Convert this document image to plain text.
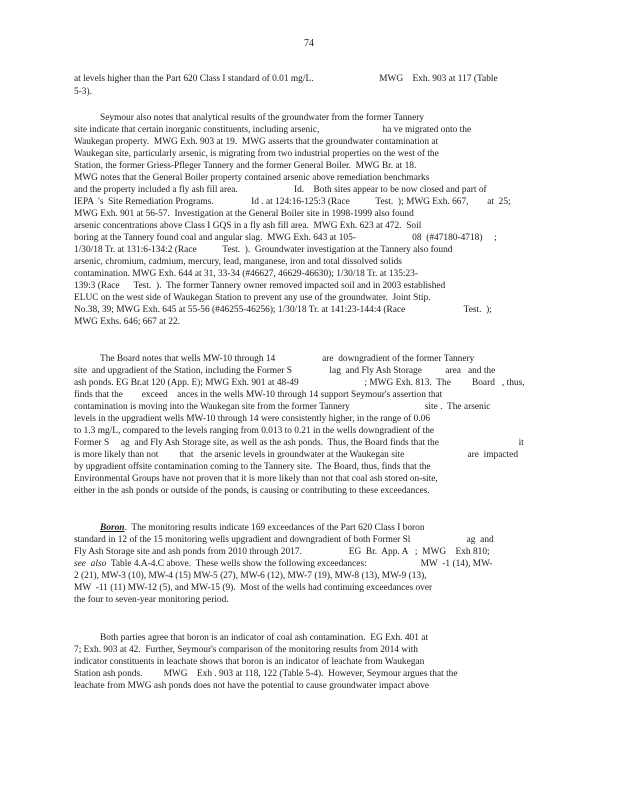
74
at levels higher than the Part 620 Class I standard of 0.01 mg/L.                            MWG    Exh. 903 at 117 (Table
5-3).
Seymour also notes that analytical results of the groundwater from the former Tannery
site indicate that certain inorganic constituents, including arsenic,                           ha ve migrated onto the
Waukegan property.  MWG Exh. 903 at 19.  MWG asserts that the groundwater contamination at
Waukegan site, particularly arsenic, is migrating from two industrial properties on the west of the
Station, the former Griess-Pfleger Tannery and the former General Boiler.  MWG Br. at 18.
MWG notes that the General Boiler property contained arsenic above remediation benchmarks
and the property included a fly ash fill area.                        Id.    Both sites appear to be now closed and part of
IEPA  's  Site Remediation Programs.                Id . at 124:16-125:3 (Race           Test.  ); MWG Exh. 667,        at  25;
MWG Exh. 901 at 56-57.  Investigation at the General Boiler site in 1998-1999 also found
arsenic concentrations above Class I GQS in a fly ash fill area.  MWG Exh. 623 at 472.  Soil
boring at the Tannery found coal and angular slag.  MWG Exh. 643 at 105-                        08  (#47180-4718)     ;
1/30/18 Tr. at 131:6-134:2 (Race           Test.  ).  Groundwater investigation at the Tannery also found
arsenic, chromium, cadmium, mercury, lead, manganese, iron and total dissolved solids
contamination. MWG Exh. 644 at 31, 33-34 (#46627, 46629-46630); 1/30/18 Tr. at 135:23-
139:3 (Race      Test.  ).  The former Tannery owner removed impacted soil and in 2003 established
ELUC on the west side of Waukegan Station to prevent any use of the groundwater.  Joint Stip.
No.38, 39; MWG Exh. 645 at 55-56 (#46255-46256); 1/30/18 Tr. at 141:23-144:4 (Race                         Test.  );
MWG Exhs. 646; 667 at 22.
The Board notes that wells MW-10 through 14                    are  downgradient of the former Tannery
site  and upgradient of the Station, including the Former S                lag  and Fly Ash Storage          area   and the
ash ponds. EG Br.at 120 (App. E); MWG Exh. 901 at 48-49                            ; MWG Exh. 813.  The         Board   , thus,
finds that the        exceed    ances in the wells MW-10 through 14 support Seymour's assertion that
contamination is moving into the Waukegan site from the former Tannery                                site .  The arsenic
levels in the upgradient wells MW-10 through 14 were consistently higher, in the range of 0.06
to 1.3 mg/L, compared to the levels ranging from 0.013 to 0.21 in the wells downgradient of the
Former S     ag  and Fly Ash Storage site, as well as the ash ponds.  Thus, the Board finds that the                                  it
is more likely than not         that   the arsenic levels in groundwater at the Waukegan site                           are  impacted
by upgradient offsite contamination coming to the Tannery site.  The Board, thus, finds that the
Environmental Groups have not proven that it is more likely than not that coal ash stored on-site,
either in the ash ponds or outside of the ponds, is causing or contributing to these exceedances.
Boron.  The monitoring results indicate 169 exceedances of the Part 620 Class I boron
standard in 12 of the 15 monitoring wells upgradient and downgradient of both Former Sl                        ag  and
Fly Ash Storage site and ash ponds from 2010 through 2017.                    EG  Br.  App. A   ;  MWG    Exh 810;
see  also Table 4.A-4.C above.  These wells show the following exceedances:                       MW  -1 (14), MW-
2 (21), MW-3 (10), MW-4 (15) MW-5 (27), MW-6 (12), MW-7 (19), MW-8 (13), MW-9 (13),
MW  -11 (11) MW-12 (5), and MW-15 (9).  Most of the wells had continuing exceedances over
the four to seven-year monitoring period.
Both parties agree that boron is an indicator of coal ash contamination.  EG Exh. 401 at
7; Exh. 903 at 42.  Further, Seymour's comparison of the monitoring results from 2014 with
indicator constituents in leachate shows that boron is an indicator of leachate from Waukegan
Station ash ponds.         MWG    Exh . 903 at 118, 122 (Table 5-4).  However, Seymour argues that the
leachate from MWG ash ponds does not have the potential to cause groundwater impact above
